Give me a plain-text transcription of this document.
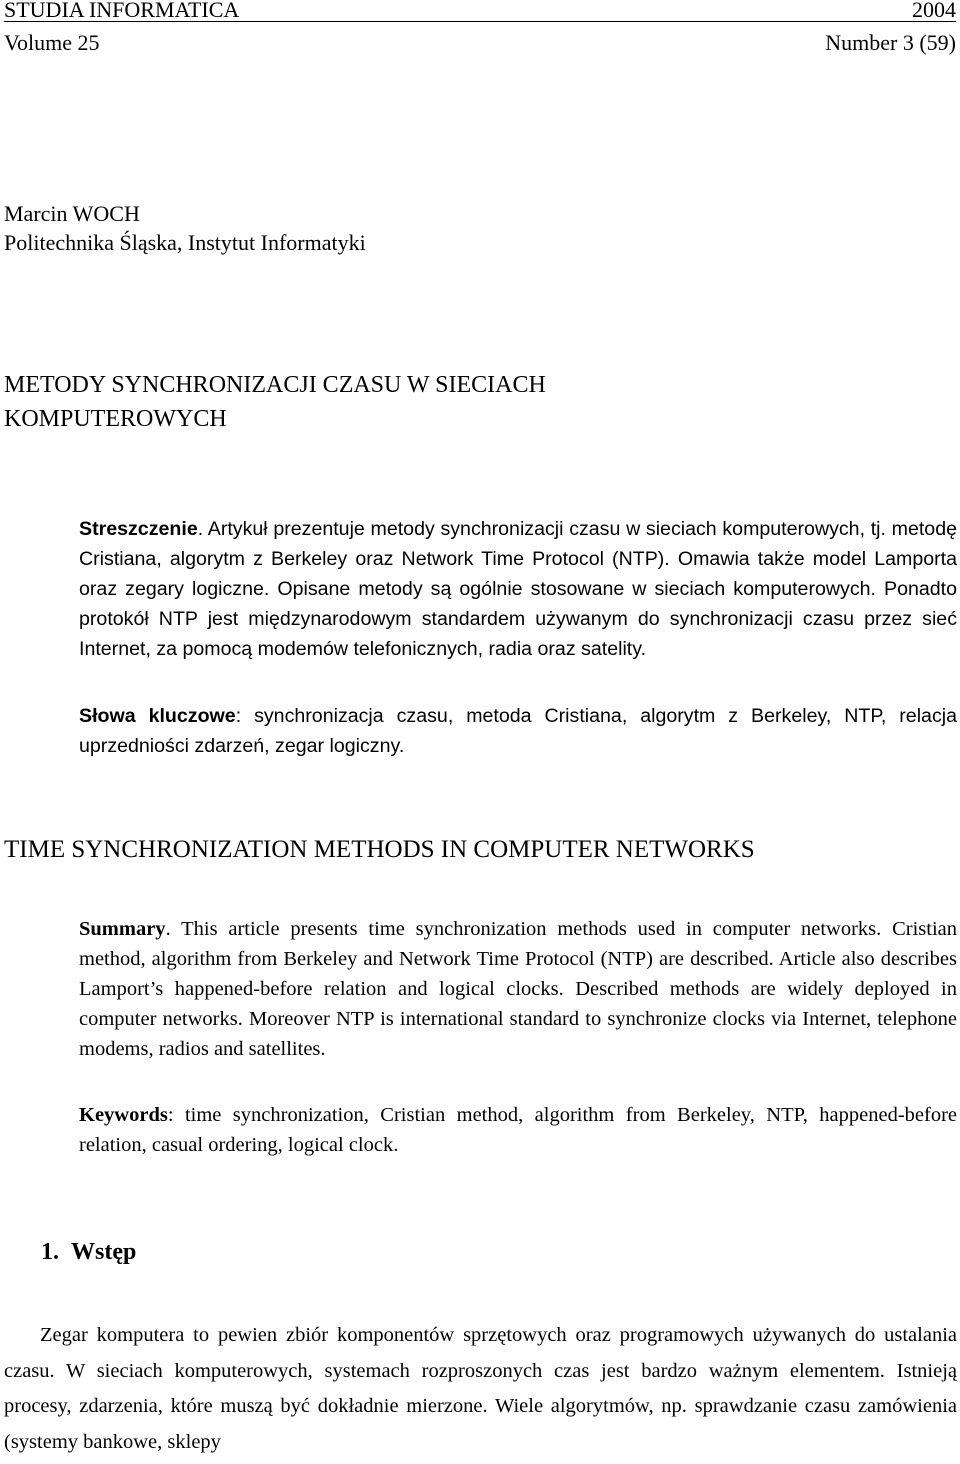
STUDIA INFORMATICA	2004
Volume 25	Number 3 (59)
Marcin WOCH
Politechnika Śląska, Instytut Informatyki
METODY SYNCHRONIZACJI CZASU W SIECIACH
KOMPUTEROWYCH
Streszczenie. Artykuł prezentuje metody synchronizacji czasu w sieciach komputerowych, tj. metodę Cristiana, algorytm z Berkeley oraz Network Time Protocol (NTP). Omawia także model Lamporta oraz zegary logiczne. Opisane metody są ogólnie stosowane w sieciach komputerowych. Ponadto protokół NTP jest międzynarodowym standardem używanym do synchronizacji czasu przez sieć Internet, za pomocą modemów telefonicznych, radia oraz satelity.
Słowa kluczowe: synchronizacja czasu, metoda Cristiana, algorytm z Berkeley, NTP, relacja uprzedniości zdarzeń, zegar logiczny.
TIME SYNCHRONIZATION METHODS IN COMPUTER NETWORKS
Summary. This article presents time synchronization methods used in computer networks. Cristian method, algorithm from Berkeley and Network Time Protocol (NTP) are described. Article also describes Lamport’s happened-before relation and logical clocks. Described methods are widely deployed in computer networks. Moreover NTP is international standard to synchronize clocks via Internet, telephone modems, radios and satellites.
Keywords: time synchronization, Cristian method, algorithm from Berkeley, NTP, happened-before relation, casual ordering, logical clock.
1. Wstęp
Zegar komputera to pewien zbiór komponentów sprzętowych oraz programowych używanych do ustalania czasu. W sieciach komputerowych, systemach rozproszonych czas jest bardzo ważnym elementem. Istnieją procesy, zdarzenia, które muszą być dokładnie mierzone. Wiele algorytmów, np. sprawdzanie czasu zamówienia (systemy bankowe, sklepy
